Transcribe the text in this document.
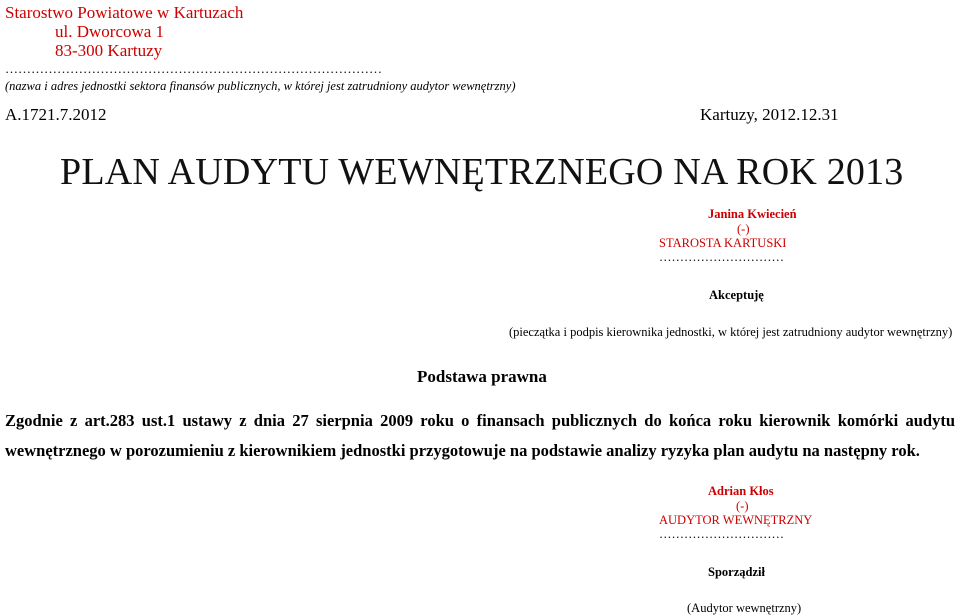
Starostwo Powiatowe w Kartuzach
ul. Dworcowa 1
83-300 Kartuzy
……………………………………………………………………………
(nazwa i adres jednostki sektora finansów publicznych, w której jest zatrudniony audytor wewnętrzny)
A.1721.7.2012	Kartuzy, 2012.12.31
PLAN AUDYTU WEWNĘTRZNEGO NA ROK 2013
Janina Kwiecień
(-)
STAROSTA KARTUSKI
…………………………
Akceptuję
(pieczątka i podpis kierownika jednostki, w której jest zatrudniony audytor wewnętrzny)
Podstawa prawna
Zgodnie z art.283 ust.1 ustawy z dnia 27 sierpnia 2009 roku o finansach publicznych do końca roku kierownik komórki audytu
wewnętrznego w porozumieniu z kierownikiem jednostki przygotowuje na podstawie analizy ryzyka plan audytu na następny rok.
Adrian Kłos
(-)
AUDYTOR WEWNĘTRZNY
…………………………
Sporządził
(Audytor wewnętrzny)
